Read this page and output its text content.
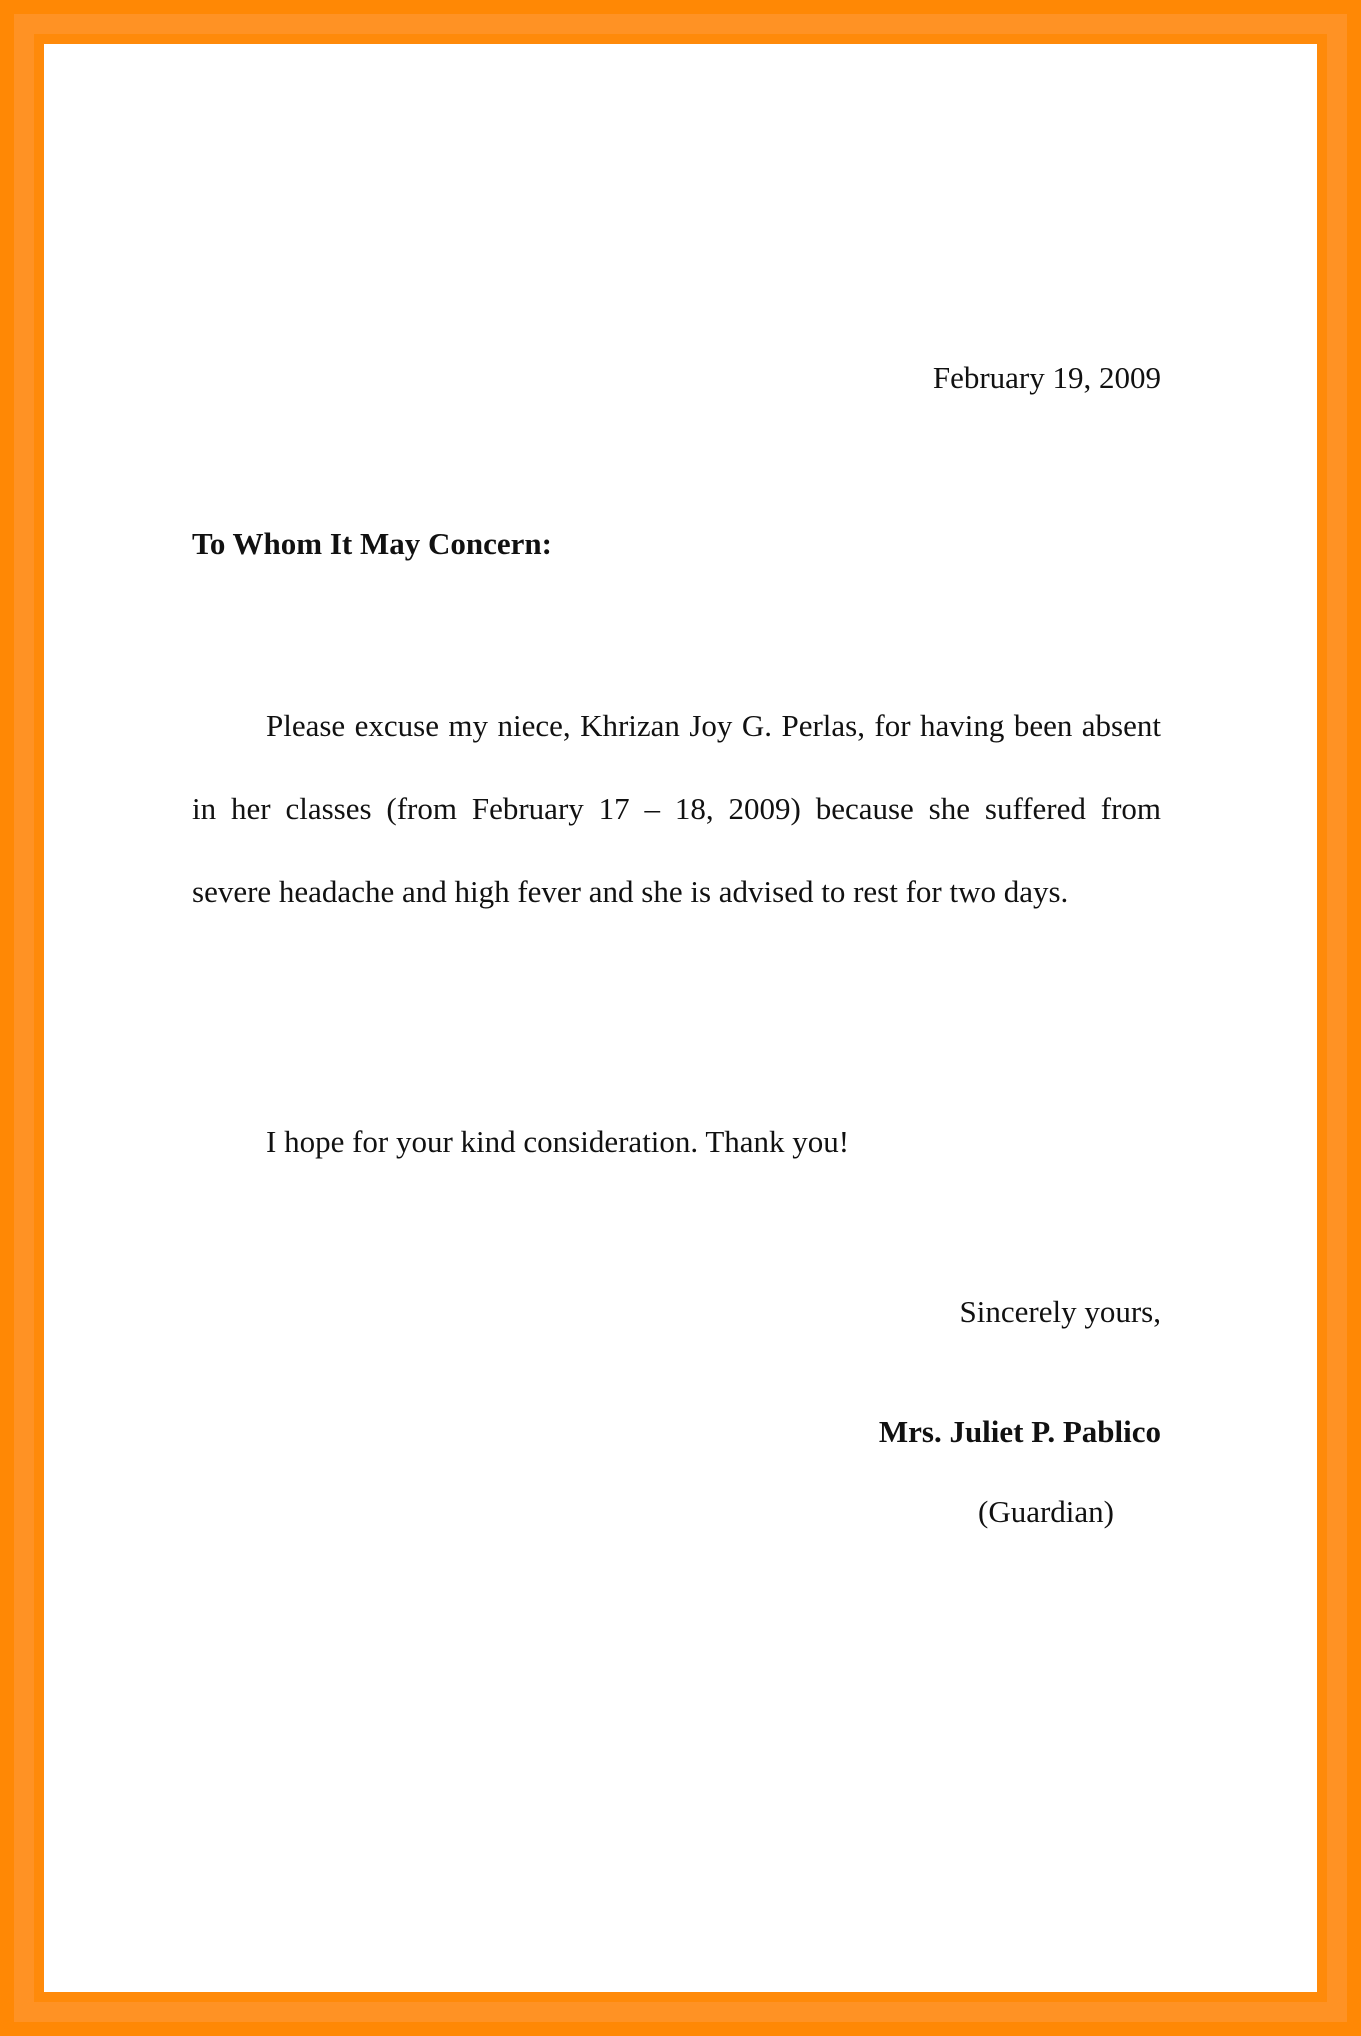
February 19, 2009
To Whom It May Concern:
Please excuse my niece, Khrizan Joy G. Perlas, for having been absent in her classes (from February 17 – 18, 2009) because she suffered from severe headache and high fever and she is advised to rest for two days.
I hope for your kind consideration. Thank you!
Sincerely yours,
Mrs. Juliet P. Pablico
(Guardian)
